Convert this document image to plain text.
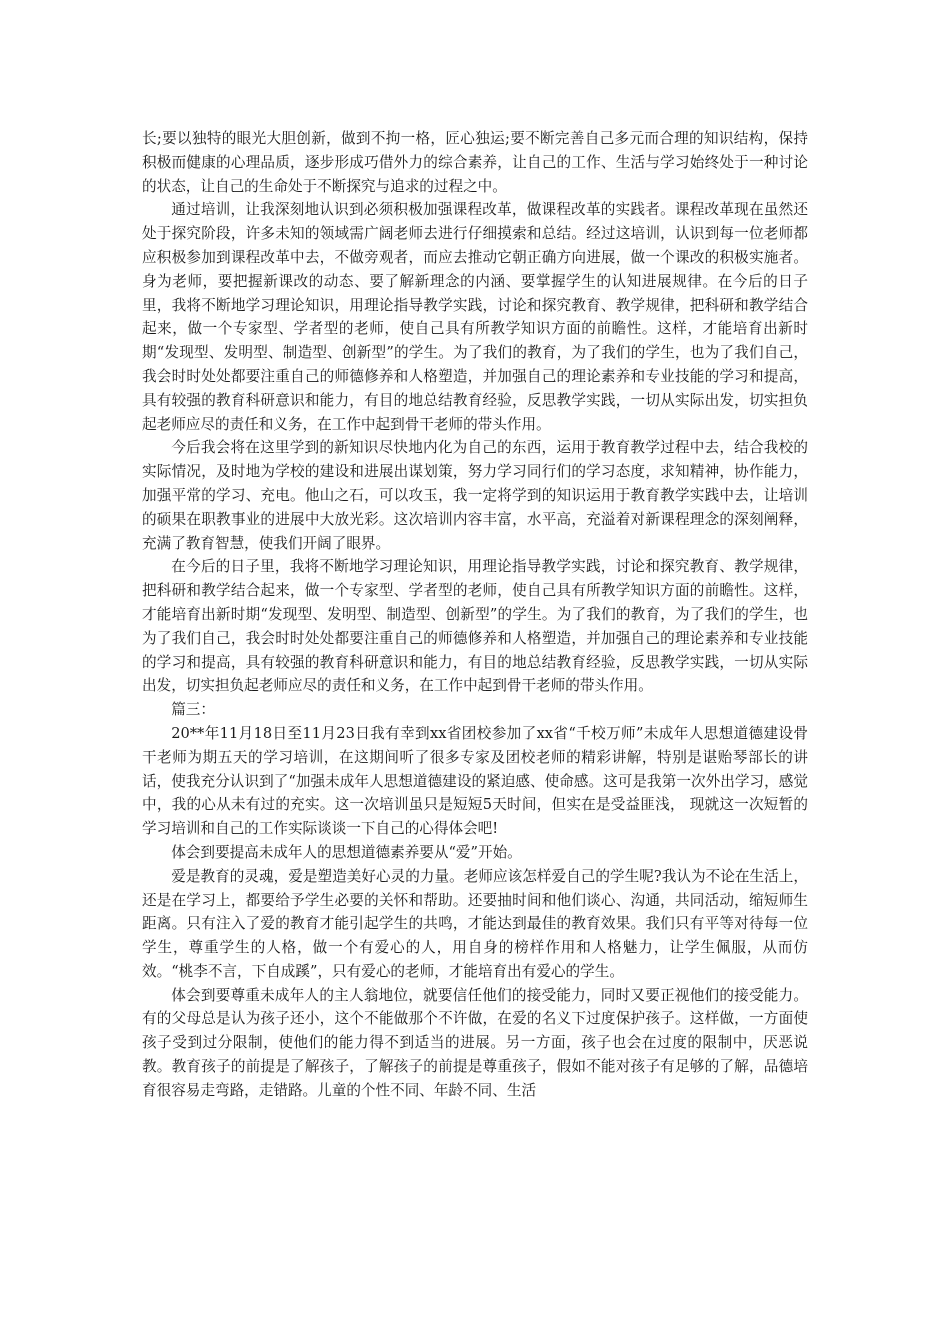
长;要以独特的眼光大胆创新，做到不拘一格，匠心独运;要不断完善自己多元而合理的知识结构，保持积极而健康的心理品质，逐步形成巧借外力的综合素养，让自己的工作、生活与学习始终处于一种讨论的状态，让自己的生命处于不断探究与追求的过程之中。

通过培训，让我深刻地认识到必须积极加强课程改革，做课程改革的实践者。课程改革现在虽然还处于探究阶段，许多未知的领域需广阔老师去进行仔细摸索和总结。经过这培训，认识到每一位老师都应积极参加到课程改革中去，不做旁观者，而应去推动它朝正确方向进展，做一个课改的积极实施者。身为老师，要把握新课改的动态、要了解新理念的内涵、要掌握学生的认知进展规律。在今后的日子里，我将不断地学习理论知识，用理论指导教学实践，讨论和探究教育、教学规律，把科研和教学结合起来，做一个专家型、学者型的老师，使自己具有所教学知识方面的前瞻性。这样，才能培育出新时期“发现型、发明型、制造型、创新型”的学生。为了我们的教育，为了我们的学生，也为了我们自己，我会时时处处都要注重自己的师德修养和人格塑造，并加强自己的理论素养和专业技能的学习和提高，具有较强的教育科研意识和能力，有目的地总结教育经验，反思教学实践，一切从实际出发，切实担负起老师应尽的责任和义务，在工作中起到骨干老师的带头作用。

今后我会将在这里学到的新知识尽快地内化为自己的东西，运用于教育教学过程中去，结合我校的实际情况，及时地为学校的建设和进展出谋划策，努力学习同行们的学习态度，求知精神，协作能力，加强平常的学习、充电。他山之石，可以攻玉，我一定将学到的知识运用于教育教学实践中去，让培训的硕果在职教事业的进展中大放光彩。这次培训内容丰富，水平高，充溢着对新课程理念的深刻阐释，充满了教育智慧，使我们开阔了眼界。

在今后的日子里，我将不断地学习理论知识，用理论指导教学实践，讨论和探究教育、教学规律，把科研和教学结合起来，做一个专家型、学者型的老师，使自己具有所教学知识方面的前瞻性。这样，才能培育出新时期“发现型、发明型、制造型、创新型”的学生。为了我们的教育，为了我们的学生，也为了我们自己，我会时时处处都要注重自己的师德修养和人格塑造，并加强自己的理论素养和专业技能的学习和提高，具有较强的教育科研意识和能力，有目的地总结教育经验，反思教学实践，一切从实际出发，切实担负起老师应尽的责任和义务，在工作中起到骨干老师的带头作用。

篇三：

20**年11月18日至11月23日我有幸到xx省团校参加了xx省“千校万师”未成年人思想道德建设骨干老师为期五天的学习培训，在这期间听了很多专家及团校老师的精彩讲解，特别是谌贻琴部长的讲话，使我充分认识到了“加强未成年人思想道德建设的紧迫感、使命感。这可是我第一次外出学习，感觉中，我的心从未有过的充实。这一次培训虽只是短短5天时间，但实在是受益匪浅， 现就这一次短暂的学习培训和自己的工作实际谈谈一下自己的心得体会吧!

体会到要提高未成年人的思想道德素养要从“爱”开始。

爱是教育的灵魂，爱是塑造美好心灵的力量。老师应该怎样爱自己的学生呢?我认为不论在生活上，还是在学习上，都要给予学生必要的关怀和帮助。还要抽时间和他们谈心、沟通，共同活动，缩短师生距离。只有注入了爱的教育才能引起学生的共鸣，才能达到最佳的教育效果。我们只有平等对待每一位学生，尊重学生的人格，做一个有爱心的人，用自身的榜样作用和人格魅力，让学生佩服，从而仿效。“桃李不言，下自成蹊”，只有爱心的老师，才能培育出有爱心的学生。

体会到要尊重未成年人的主人翁地位，就要信任他们的接受能力，同时又要正视他们的接受能力。有的父母总是认为孩子还小，这个不能做那个不许做，在爱的名义下过度保护孩子。这样做，一方面使孩子受到过分限制，使他们的能力得不到适当的进展。另一方面，孩子也会在过度的限制中，厌恶说教。教育孩子的前提是了解孩子，了解孩子的前提是尊重孩子，假如不能对孩子有足够的了解，品德培育很容易走弯路，走错路。儿童的个性不同、年龄不同、生活
